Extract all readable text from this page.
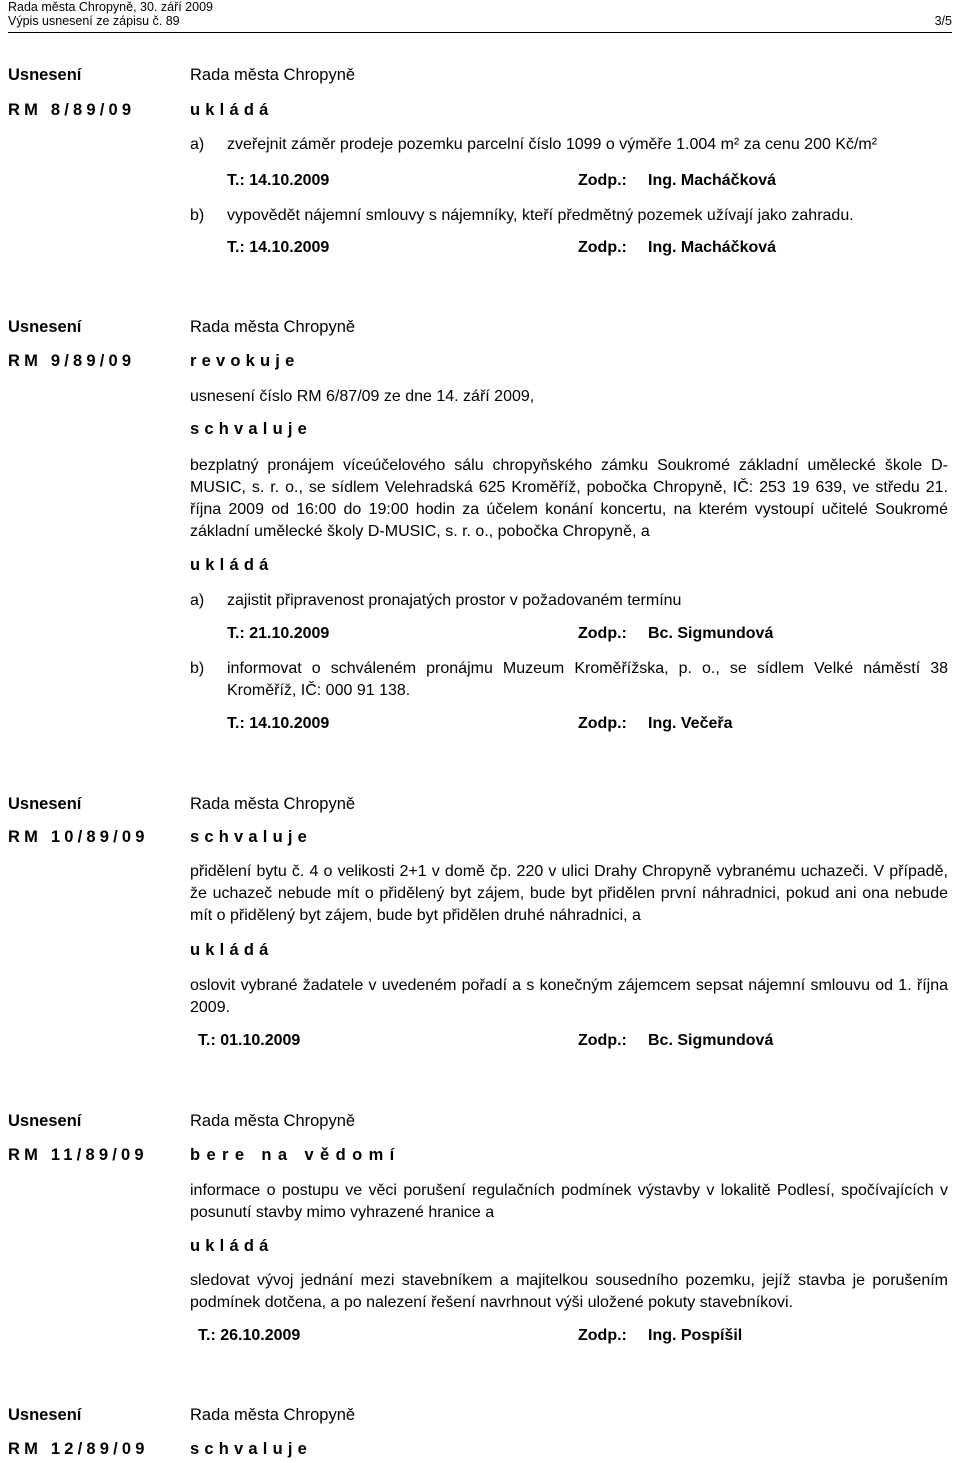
Rada města Chropyně, 30. září 2009
Výpis usnesení ze zápisu č. 89	3/5
Usnesení	Rada města Chropyně
RM 8/89/09	ukládá
a) zveřejnit záměr prodeje pozemku parcelní číslo 1099 o výměře 1.004 m² za cenu 200 Kč/m²
T.: 14.10.2009	Zodp.: Ing. Macháčková
b) vypovědět nájemní smlouvy s nájemníky, kteří předmětný pozemek užívají jako zahradu.
T.: 14.10.2009	Zodp.: Ing. Macháčková
Usnesení	Rada města Chropyně
RM 9/89/09	revokuje
usnesení číslo RM 6/87/09 ze dne 14. září 2009,
schvaluje
bezplatný pronájem víceúčelového sálu chropyňského zámku Soukromé základní umělecké škole D-MUSIC, s. r. o., se sídlem Velehradská 625 Kroměříž, pobočka Chropyně, IČ: 253 19 639, ve středu 21. října 2009 od 16:00 do 19:00 hodin za účelem konání koncertu, na kterém vystoupí učitelé Soukromé základní umělecké školy D-MUSIC, s. r. o., pobočka Chropyně, a
ukládá
a) zajistit připravenost pronajatých prostor v požadovaném termínu
T.: 21.10.2009	Zodp.: Bc. Sigmundová
b) informovat o schváleném pronájmu Muzeum Kroměřížska, p. o., se sídlem Velké náměstí 38 Kroměříž, IČ: 000 91 138.
T.: 14.10.2009	Zodp.: Ing. Večeřa
Usnesení	Rada města Chropyně
RM 10/89/09	schvaluje
přidělení bytu č. 4 o velikosti 2+1 v domě čp. 220 v ulici Drahy Chropyně vybranému uchazeči. V případě, že uchazeč nebude mít o přidělený byt zájem, bude byt přidělen první náhradnici, pokud ani ona nebude mít o přidělený byt zájem, bude byt přidělen druhé náhradnici, a
ukládá
oslovit vybrané žadatele v uvedeném pořadí a s konečným zájemcem sepsat nájemní smlouvu od 1. října 2009.
T.: 01.10.2009	Zodp.: Bc. Sigmundová
Usnesení	Rada města Chropyně
RM 11/89/09	bere na vědomí
informace o postupu ve věci porušení regulačních podmínek výstavby v lokalitě Podlesí, spočívajících v posunutí stavby mimo vyhrazené hranice a
ukládá
sledovat vývoj jednání mezi stavebníkem a majitelkou sousedního pozemku, jejíž stavba je porušením podmínek dotčena, a po nalezení řešení navrhnout výši uložené pokuty stavebníkovi.
T.: 26.10.2009	Zodp.: Ing. Pospíšil
Usnesení	Rada města Chropyně
RM 12/89/09	schvaluje
